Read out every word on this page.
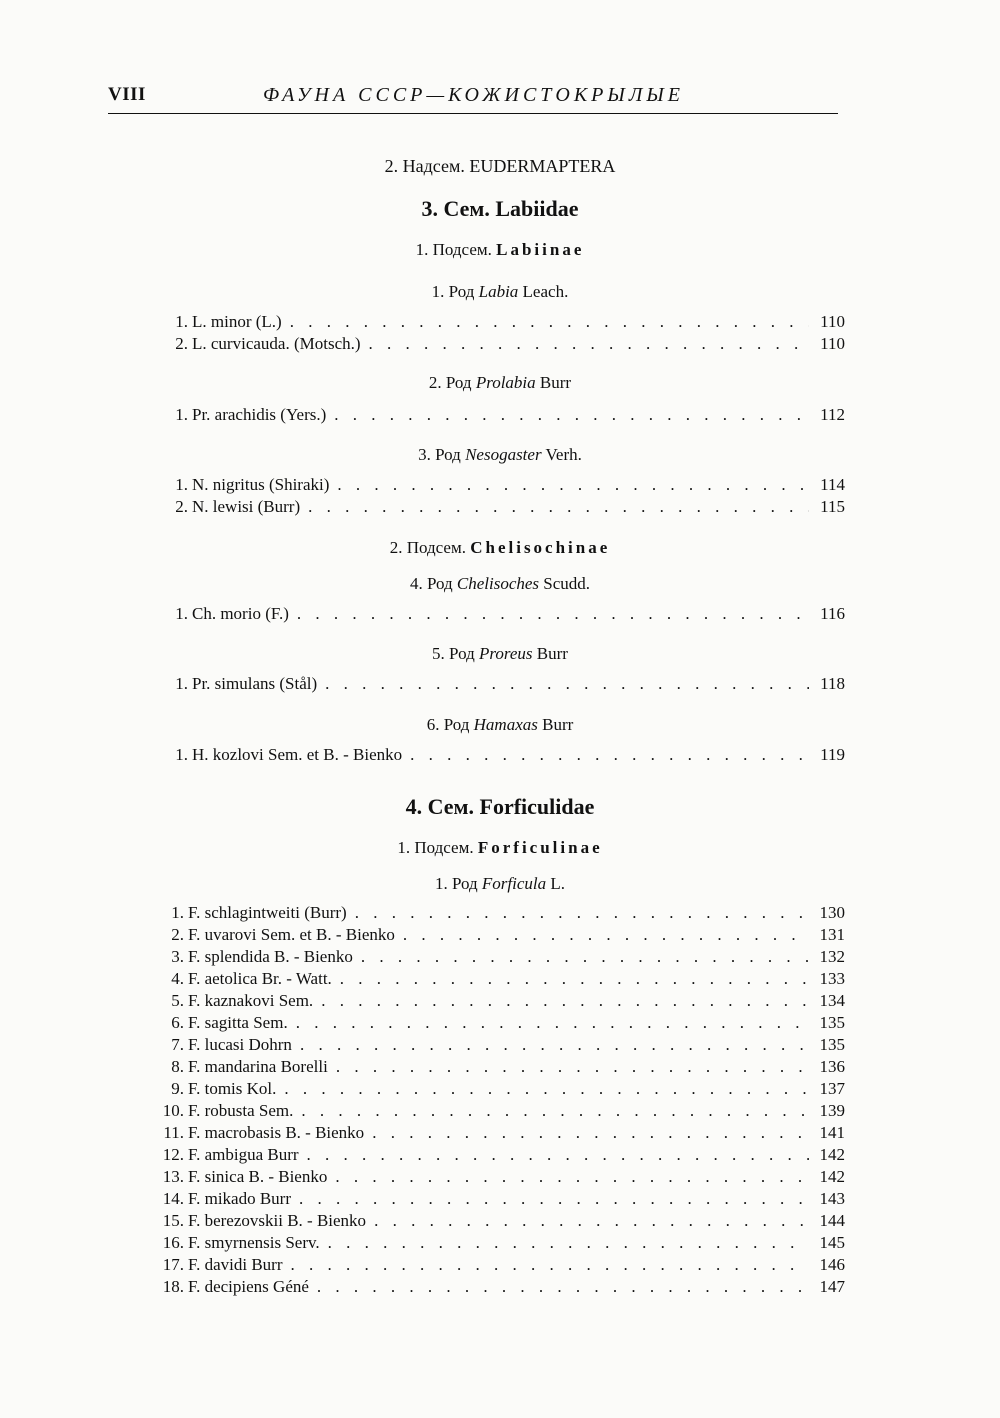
VIII	ФАУНА СССР—КОЖИСТОКРЫЛЫЕ
2. Надсем. EUDERMAPTERA
3. Сем. Labiidae
1. Подсем. Labiinae
1. Род Labia Leach.
1. L. minor (L.) . . .	110
2. L. curvicauda. (Motsch.) . . .	110
2. Род Prolabia Burr
1. Pr. arachidis (Yers.) . . .	112
3. Род Nesogaster Verh.
1. N. nigritus (Shiraki) . . .	114
2. N. lewisi (Burr) . . .	115
2. Подсем. Chelisochinae
4. Род Chelisoches Scudd.
1. Ch. morio (F.) . . .	116
5. Род Proreus Burr
1. Pr. simulans (Stål) . . .	118
6. Род Hamaxas Burr
1. H. kozlovi Sem. et B. - Bienko . . .	119
4. Сем. Forficulidae
1. Подсем. Forficulinae
1. Род Forficula L.
1. F. schlagintweiti (Burr) . . .	130
2. F. uvarovi Sem. et B. - Bienko . . .	131
3. F. splendida B. - Bienko . . .	132
4. F. aetolica Br. - Watt. . . .	133
5. F. kaznakovi Sem. . . .	134
6. F. sagitta Sem. . . .	135
7. F. lucasi Dohrn . . .	135
8. F. mandarina Borelli . . .	136
9. F. tomis Kol. . . .	137
10. F. robusta Sem. . . .	139
11. F. macrobasis B. - Bienko . . .	141
12. F. ambigua Burr . . .	142
13. F. sinica B. - Bienko . . .	142
14. F. mikado Burr . . .	143
15. F. berezovskii B. - Bienko . . .	144
16. F. smyrnensis Serv. . . .	145
17. F. davidi Burr . . .	146
18. F. decipiens Géné . . .	147
